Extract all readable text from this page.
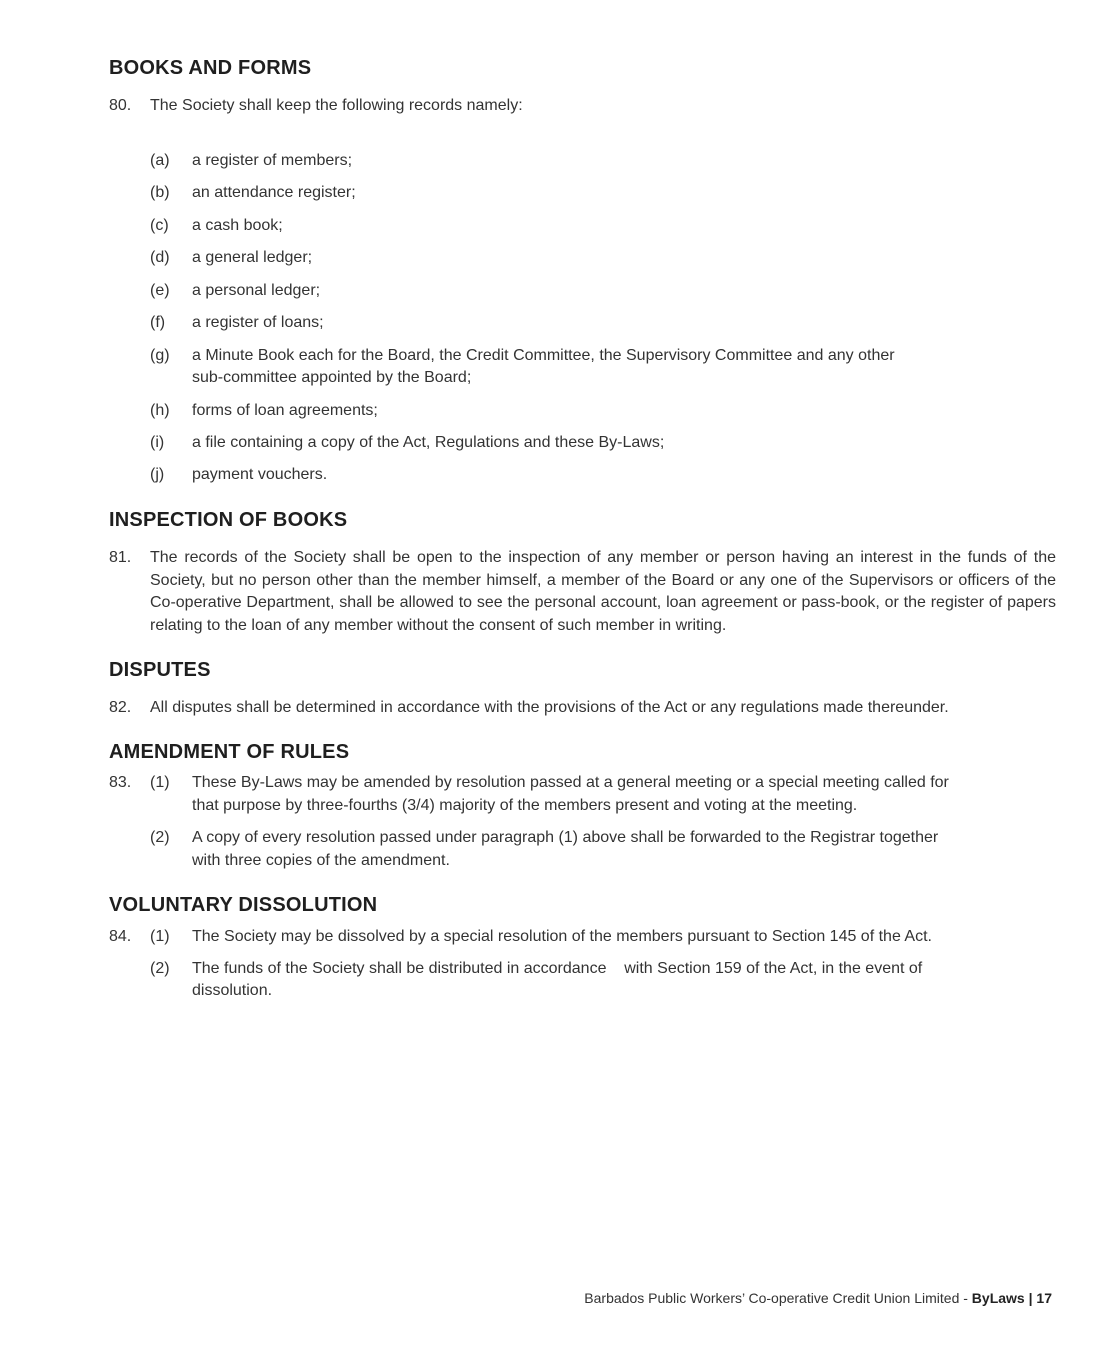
BOOKS AND FORMS
80. The Society shall keep the following records namely:
(a) a register of members;
(b) an attendance register;
(c) a cash book;
(d) a general ledger;
(e) a personal ledger;
(f) a register of loans;
(g) a Minute Book each for the Board, the Credit Committee, the Supervisory Committee and any other
sub-committee appointed by the Board;
(h) forms of loan agreements;
(i) a file containing a copy of the Act, Regulations and these By-Laws;
(j) payment vouchers.
INSPECTION OF BOOKS
81. The records of the Society shall be open to the inspection of any member or person having an interest in the funds of the Society, but no person other than the member himself, a member of the Board or any one of the Supervisors or officers of the Co-operative Department, shall be allowed to see the personal account, loan agreement or pass-book, or the register of papers relating to the loan of any member without the consent of such member in writing.
DISPUTES
82. All disputes shall be determined in accordance with the provisions of the Act or any regulations made thereunder.
AMENDMENT OF RULES
83. (1) These By-Laws may be amended by resolution passed at a general meeting or a special meeting called for
that purpose by three-fourths (3/4) majority of the members present and voting at the meeting.
(2) A copy of every resolution passed under paragraph (1) above shall be forwarded to the Registrar together
with three copies of the amendment.
VOLUNTARY DISSOLUTION
84. (1) The Society may be dissolved by a special resolution of the members pursuant to Section 145 of the Act.
(2) The funds of the Society shall be distributed in accordance    with Section 159 of the Act, in the event of
dissolution.
Barbados Public Workers’ Co-operative Credit Union Limited - ByLaws | 17
